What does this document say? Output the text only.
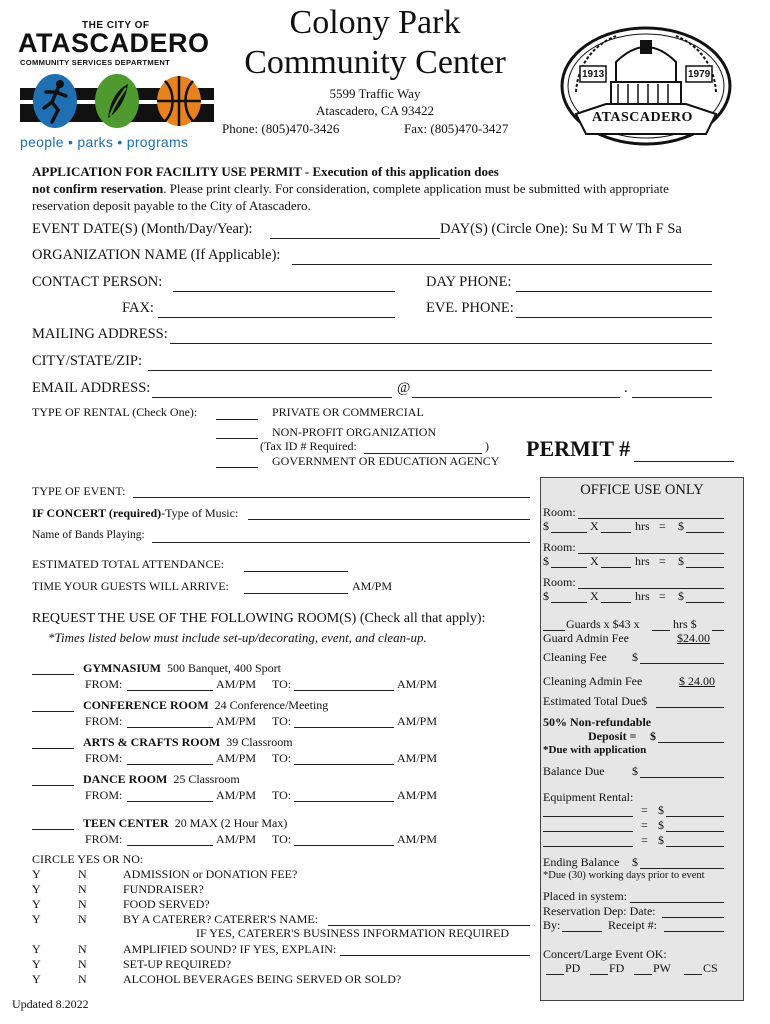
THE CITY OF
ATASCADERO
COMMUNITY SERVICES DEPARTMENT
people • parks • programs
Colony Park
Community Center
5599 Traffic Way
Atascadero, CA 93422
Phone: (805)470-3426	Fax: (805)470-3427
1913	1979
ATASCADERO
APPLICATION FOR FACILITY USE PERMIT - Execution of this application does
not confirm reservation. Please print clearly. For consideration, complete application must be submitted with appropriate
reservation deposit payable to the City of Atascadero.
EVENT DATE(S) (Month/Day/Year):	DAY(S) (Circle One): Su M T W Th F Sa
ORGANIZATION NAME (If Applicable):
CONTACT PERSON:	DAY PHONE:
FAX:	EVE. PHONE:
MAILING ADDRESS:
CITY/STATE/ZIP:
EMAIL ADDRESS:	@	.
TYPE OF RENTAL (Check One):	PRIVATE OR COMMERCIAL
NON-PROFIT ORGANIZATION
(Tax ID # Required:	)
GOVERNMENT OR EDUCATION AGENCY PERMIT #
TYPE OF EVENT:
IF CONCERT (required)-Type of Music:
Name of Bands Playing:
ESTIMATED TOTAL ATTENDANCE:
TIME YOUR GUESTS WILL ARRIVE:	AM/PM
REQUEST THE USE OF THE FOLLOWING ROOM(S) (Check all that apply):
*Times listed below must include set-up/decorating, event, and clean-up.
GYMNASIUM 500 Banquet, 400 Sport
FROM:	AM/PM TO:	AM/PM
CONFERENCE ROOM 24 Conference/Meeting
FROM:	AM/PM TO:	AM/PM
ARTS & CRAFTS ROOM 39 Classroom
FROM:	AM/PM TO:	AM/PM
DANCE ROOM 25 Classroom
FROM:	AM/PM TO:	AM/PM
TEEN CENTER 20 MAX (2 Hour Max)
FROM:	AM/PM TO:	AM/PM
CIRCLE YES OR NO:
Y	N	ADMISSION or DONATION FEE?
Y	N	FUNDRAISER?
Y	N	FOOD SERVED?
Y	N	BY A CATERER? CATERER'S NAME:
Y	N	AMPLIFIED SOUND? IF YES, EXPLAIN:
Y	N	SET-UP REQUIRED?
Y	N	ALCOHOL BEVERAGES BEING SERVED OR SOLD?
IF YES, CATERER'S BUSINESS INFORMATION REQUIRED
Updated 8.2022
OFFICE USE ONLY
Room:
$	X	hrs = $
Room:
$	X	hrs = $
Room:
$	X	hrs = $
Guards x $43 x	hrs $
Guard Admin Fee	$24.00
Cleaning Fee $
Cleaning Admin Fee	$ 24.00
Estimated Total Due$
50% Non-refundable
Deposit = $
*Due with application
Balance Due $
Equipment Rental:
= $
= $
= $
Ending Balance $
*Due (30) working days prior to event
Placed in system:
Reservation Dep: Date:
By:	Receipt #:
Concert/Large Event OK:
PD FD PW	CS
